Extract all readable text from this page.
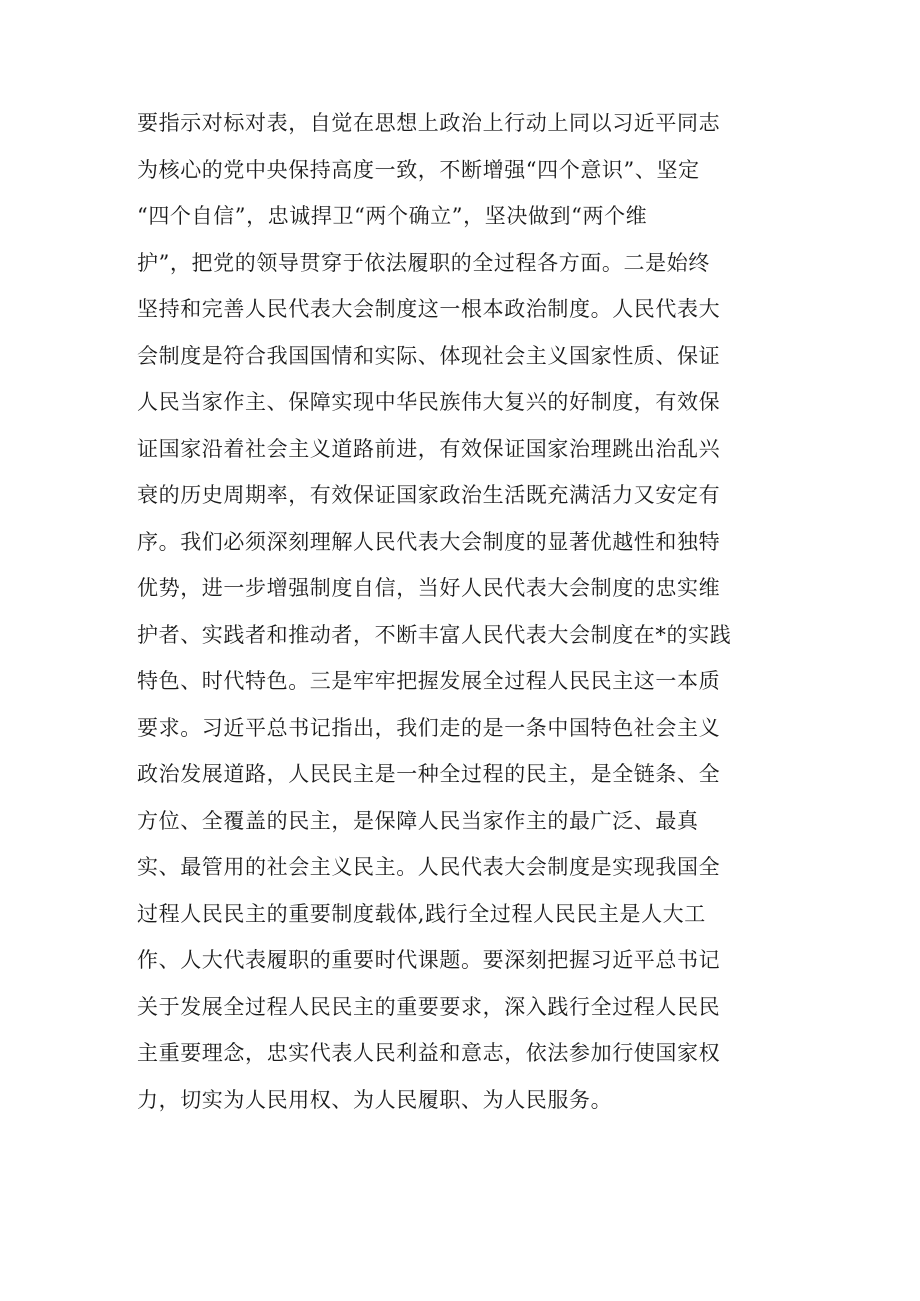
要指示对标对表，自觉在思想上政治上行动上同以习近平同志
为核心的党中央保持高度一致，不断增强“四个意识”、坚定
“四个自信”，忠诚捍卫“两个确立”，坚决做到“两个维
护”，把党的领导贯穿于依法履职的全过程各方面。二是始终
坚持和完善人民代表大会制度这一根本政治制度。人民代表大
会制度是符合我国国情和实际、体现社会主义国家性质、保证
人民当家作主、保障实现中华民族伟大复兴的好制度，有效保
证国家沿着社会主义道路前进，有效保证国家治理跳出治乱兴
衰的历史周期率，有效保证国家政治生活既充满活力又安定有
序。我们必须深刻理解人民代表大会制度的显著优越性和独特
优势，进一步增强制度自信，当好人民代表大会制度的忠实维
护者、实践者和推动者，不断丰富人民代表大会制度在*的实践
特色、时代特色。三是牢牢把握发展全过程人民民主这一本质
要求。习近平总书记指出，我们走的是一条中国特色社会主义
政治发展道路，人民民主是一种全过程的民主，是全链条、全
方位、全覆盖的民主，是保障人民当家作主的最广泛、最真
实、最管用的社会主义民主。人民代表大会制度是实现我国全
过程人民民主的重要制度载体,践行全过程人民民主是人大工
作、人大代表履职的重要时代课题。要深刻把握习近平总书记
关于发展全过程人民民主的重要要求，深入践行全过程人民民
主重要理念，忠实代表人民利益和意志，依法参加行使国家权
力，切实为人民用权、为人民履职、为人民服务。
